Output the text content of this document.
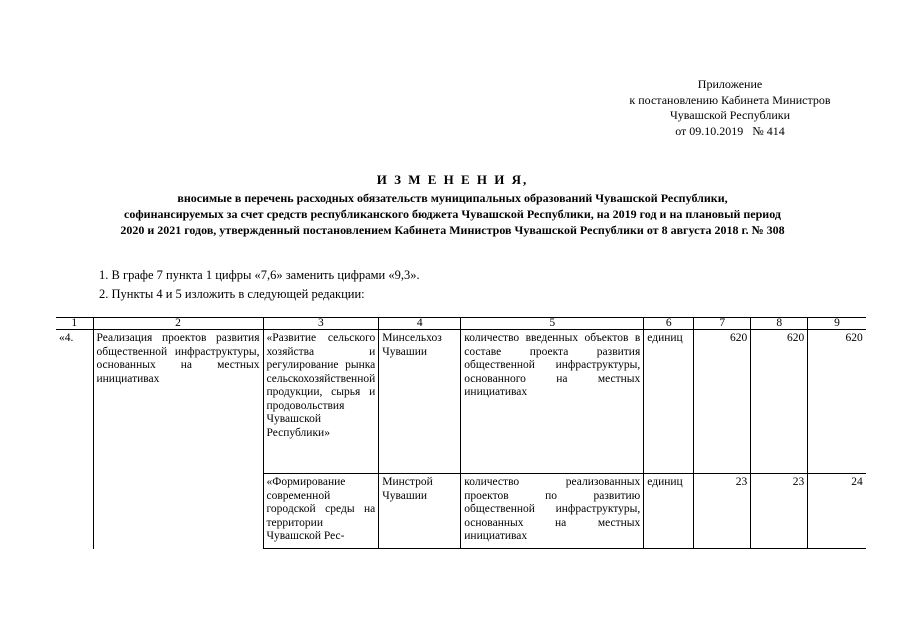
Приложение
к постановлению Кабинета Министров
Чувашской Республики
от 09.10.2019 № 414
И З М Е Н Е Н И Я,
вносимые в перечень расходных обязательств муниципальных образований Чувашской Республики,
софинансируемых за счет средств республиканского бюджета Чувашской Республики, на 2019 год и на плановый период
2020 и 2021 годов, утвержденный постановлением Кабинета Министров Чувашской Республики от 8 августа 2018 г. № 308
1. В графе 7 пункта 1 цифры «7,6» заменить цифрами «9,3».
2. Пункты 4 и 5 изложить в следующей редакции:
1	2	3	4	5	6	7	8	9
«4.	Реализация проектов развития общественной инфраструктуры, основанных на местных инициативах	«Развитие сельского хозяйства и регулирование рынка сельскохозяйственной продукции, сырья и продовольствия Чувашской Республики»	Минсельхоз Чувашии	количество введенных объектов в составе проекта развития общественной инфраструктуры, основанного на местных инициативах	единиц	620	620	620
		«Формирование современной городской среды на территории Чувашской Рес-	Минстрой Чувашии	количество реализованных проектов по развитию общественной инфраструктуры, основанных на местных инициативах	единиц	23	23	24
